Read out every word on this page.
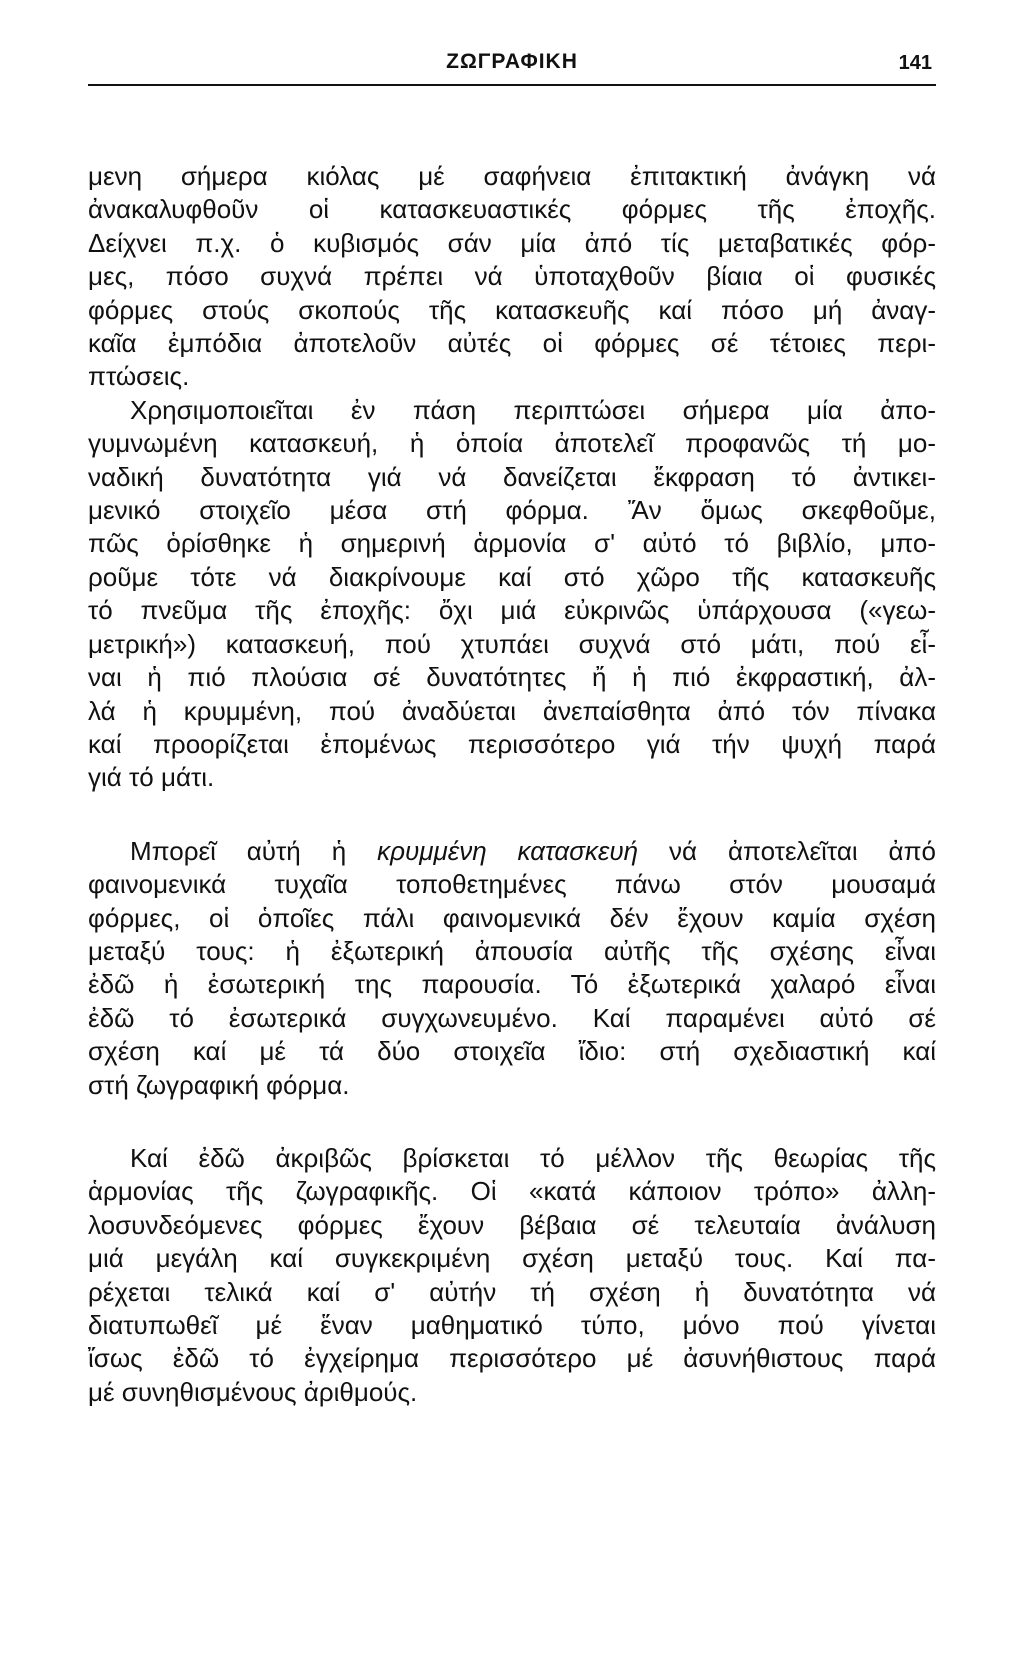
ΖΩΓΡΑΦΙΚΗ	141

μενη σήμερα κιόλας μέ σαφήνεια ἐπιτακτική ἀνάγκη νά

ἀνακαλυφθοῦν οἱ κατασκευαστικές φόρμες τῆς ἐποχῆς.

Δείχνει π.χ. ὁ κυβισμός σάν μία ἀπό τίς μεταβατικές φόρ-

μες, πόσο συχνά πρέπει νά ὑποταχθοῦν βίαια οἱ φυσικές

φόρμες στούς σκοπούς τῆς κατασκευῆς καί πόσο μή ἀναγ-

καῖα ἐμπόδια ἀποτελοῦν αὐτές οἱ φόρμες σέ τέτοιες περι-

πτώσεις.

Χρησιμοποιεῖται ἐν πάση περιπτώσει σήμερα μία ἀπο-

γυμνωμένη κατασκευή, ἡ ὁποία ἀποτελεῖ προφανῶς τή μο-

ναδική δυνατότητα γιά νά δανείζεται ἔκφραση τό ἀντικει-

μενικό στοιχεῖο μέσα στή φόρμα. Ἄν ὅμως σκεφθοῦμε,

πῶς ὁρίσθηκε ἡ σημερινή ἁρμονία σ' αὐτό τό βιβλίο, μπο-

ροῦμε τότε νά διακρίνουμε καί στό χῶρο τῆς κατασκευῆς

τό πνεῦμα τῆς ἐποχῆς: ὄχι μιά εὐκρινῶς ὑπάρχουσα («γεω-

μετρική») κατασκευή, πού χτυπάει συχνά στό μάτι, πού εἶ-

ναι ἡ πιό πλούσια σέ δυνατότητες ἤ ἡ πιό ἐκφραστική, ἀλ-

λά ἡ κρυμμένη, πού ἀναδύεται ἀνεπαίσθητα ἀπό τόν πίνακα

καί προορίζεται ἑπομένως περισσότερο γιά τήν ψυχή παρά

γιά τό μάτι.

Μπορεῖ αὐτή ἡ κρυμμένη κατασκευή νά ἀποτελεῖται ἀπό

φαινομενικά τυχαῖα τοποθετημένες πάνω στόν μουσαμά

φόρμες, οἱ ὁποῖες πάλι φαινομενικά δέν ἔχουν καμία σχέση

μεταξύ τους: ἡ ἐξωτερική ἀπουσία αὐτῆς τῆς σχέσης εἶναι

ἐδῶ ἡ ἐσωτερική της παρουσία. Τό ἐξωτερικά χαλαρό εἶναι

ἐδῶ τό ἐσωτερικά συγχωνευμένο. Καί παραμένει αὐτό σέ

σχέση καί μέ τά δύο στοιχεῖα ἴδιο: στή σχεδιαστική καί

στή ζωγραφική φόρμα.

Καί ἐδῶ ἀκριβῶς βρίσκεται τό μέλλον τῆς θεωρίας τῆς

ἁρμονίας τῆς ζωγραφικῆς. Οἱ «κατά κάποιον τρόπο» ἀλλη-

λοσυνδεόμενες φόρμες ἔχουν βέβαια σέ τελευταία ἀνάλυση

μιά μεγάλη καί συγκεκριμένη σχέση μεταξύ τους. Καί πα-

ρέχεται τελικά καί σ' αὐτήν τή σχέση ἡ δυνατότητα νά

διατυπωθεῖ μέ ἕναν μαθηματικό τύπο, μόνο πού γίνεται

ἴσως ἐδῶ τό ἐγχείρημα περισσότερο μέ ἀσυνήθιστους παρά

μέ συνηθισμένους ἀριθμούς.
